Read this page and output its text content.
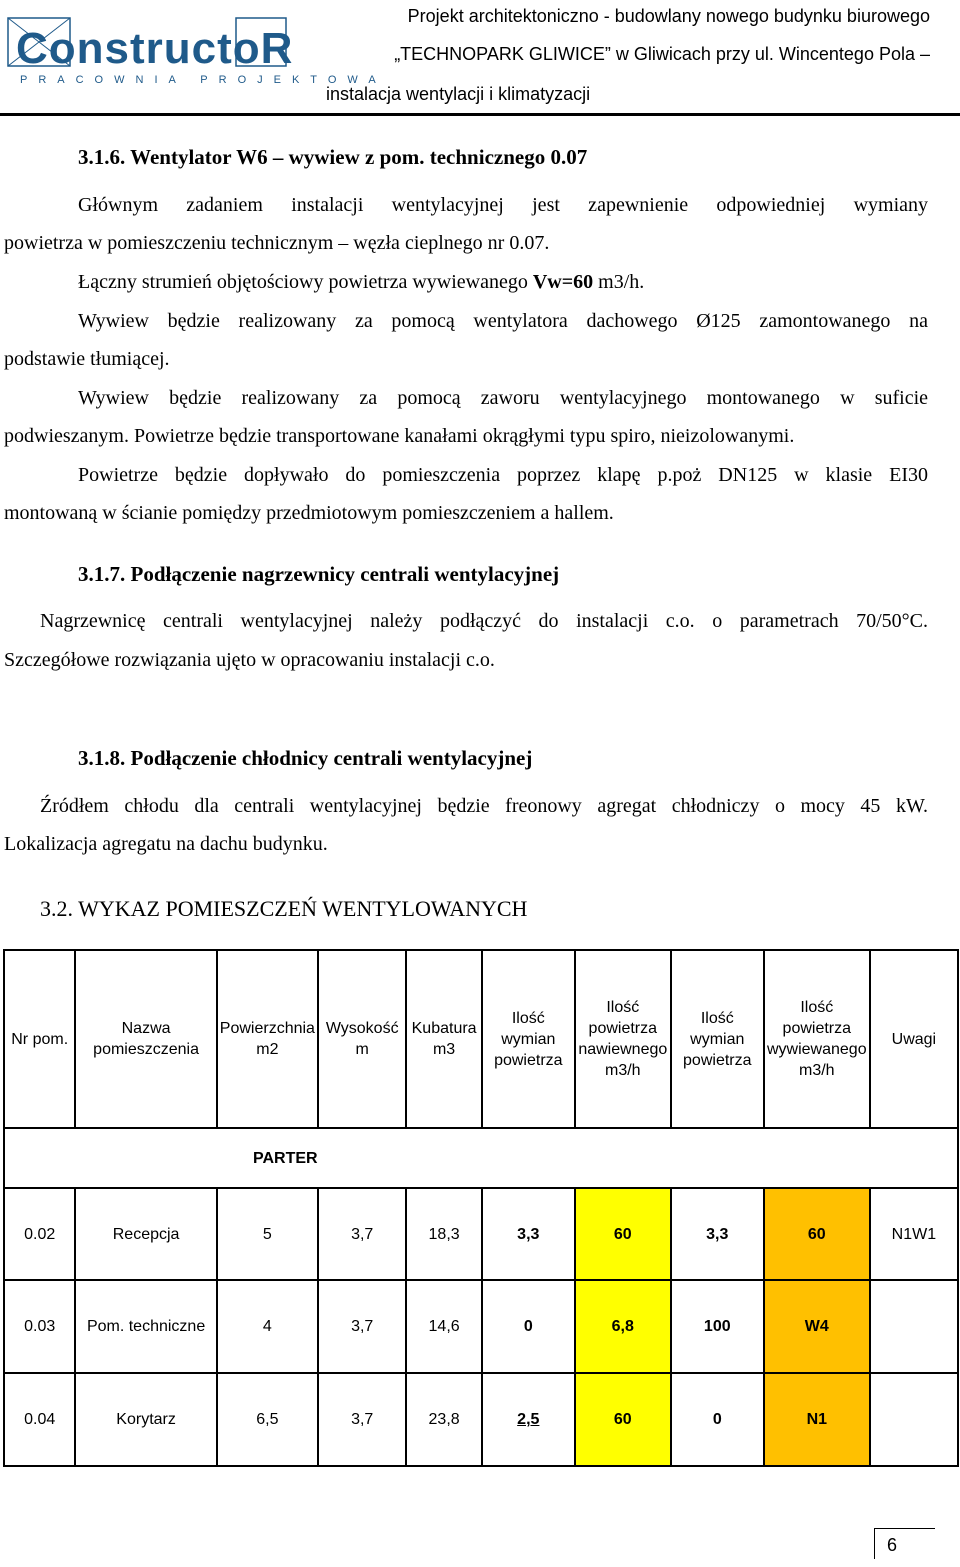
ConstructoR
PRACOWNIA PROJEKTOWA
Projekt architektoniczno - budowlany nowego budynku biurowego
„TECHNOPARK GLIWICE” w Gliwicach przy ul. Wincentego Pola –
instalacja wentylacji i klimatyzacji
3.1.6. Wentylator W6 – wywiew z pom. technicznego 0.07
Głównym zadaniem instalacji wentylacyjnej jest zapewnienie odpowiedniej wymiany
powietrza w pomieszczeniu technicznym – węzła cieplnego nr 0.07.
Łączny strumień objętościowy powietrza wywiewanego Vw=60 m3/h.
Wywiew będzie realizowany za pomocą wentylatora dachowego Ø125 zamontowanego na
podstawie tłumiącej.
Wywiew będzie realizowany za pomocą zaworu wentylacyjnego montowanego w suficie
podwieszanym. Powietrze będzie transportowane kanałami okrągłymi typu spiro, nieizolowanymi.
Powietrze będzie dopływało do pomieszczenia poprzez klapę p.poż DN125 w klasie EI30
montowaną w ścianie pomiędzy przedmiotowym pomieszczeniem a hallem.
3.1.7. Podłączenie nagrzewnicy centrali wentylacyjnej
Nagrzewnicę centrali wentylacyjnej należy podłączyć do instalacji c.o. o parametrach 70/50°C.
Szczegółowe rozwiązania ujęto w opracowaniu instalacji c.o.
3.1.8. Podłączenie chłodnicy centrali wentylacyjnej
Źródłem chłodu dla centrali wentylacyjnej będzie freonowy agregat chłodniczy o mocy 45 kW.
Lokalizacja agregatu na dachu budynku.
3.2. WYKAZ POMIESZCZEŃ WENTYLOWANYCH
Nr pom.	Nazwa pomieszczenia	Powierzchnia m2	Wysokość m	Kubatura m3	Ilość wymian powietrza	Ilość powietrza nawiewnego m3/h	Ilość wymian powietrza	Ilość powietrza wywiewanego m3/h	Uwagi
PARTER									
0.02	Recepcja	5	3,7	18,3	3,3	60	3,3	60	N1W1
0.03	Pom. techniczne	4	3,7	14,6	0	6,8	100	W4	
0.04	Korytarz	6,5	3,7	23,8	2,5	60	0	N1	
6
